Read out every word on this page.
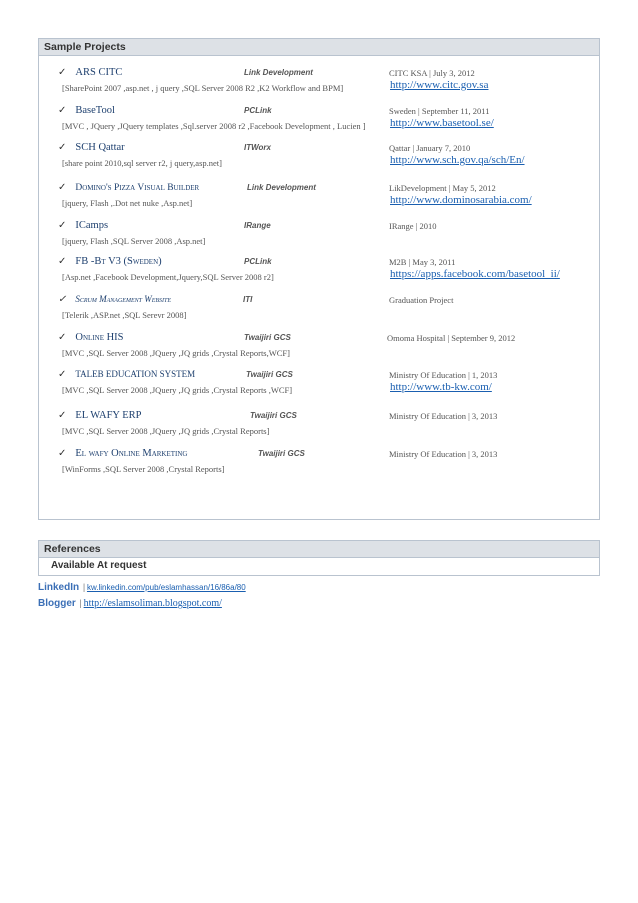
Sample Projects
✓ ARS CITC	Link Development	CITC KSA | July 3, 2012
[SharePoint 2007 ,asp.net , j query ,SQL Server 2008 R2 ,K2 Workflow and BPM]	http://www.citc.gov.sa
✓ BaseTool	PCLink	Sweden | September 11, 2011
[MVC , JQuery ,JQuery templates ,Sql.server 2008 r2 ,Facebook Development , Lucien ] http://www.basetool.se/
✓ SCH Qattar	ITWorx	Qattar | January 7, 2010
[share point 2010,sql server r2, j query,asp.net]	http://www.sch.gov.qa/sch/En/
✓ Domino's Pizza Visual Builder	Link Development	LikDevelopment | May 5, 2012
[jquery, Flash ,.Dot net nuke ,Asp.net]	http://www.dominosarabia.com/
✓ ICamps	IRange	IRange | 2010
[jquery, Flash ,SQL Server 2008 ,Asp.net]
✓ FB -Bt V3 (Sweden)	PCLink	M2B | May 3, 2011
[Asp.net ,Facebook Development,Jquery,SQL Server 2008 r2]	https://apps.facebook.com/basetool_ii/
✓ Scrum Management Website	ITI	Graduation Project
[Telerik ,ASP.net ,SQL Serevr 2008]
✓ Online HIS	Twaijiri GCS	Omoma Hospital | September 9, 2012
[MVC ,SQL Server 2008 ,JQuery ,JQ grids ,Crystal Reports,WCF]
✓ TALEB EDUCATION SYSTEM	Twaijiri GCS	Ministry Of Education | 1, 2013
[MVC ,SQL Server 2008 ,JQuery ,JQ grids ,Crystal Reports ,WCF]	http://www.tb-kw.com/
✓ EL WAFY ERP	Twaijiri GCS	Ministry Of Education | 3, 2013
[MVC ,SQL Server 2008 ,JQuery ,JQ grids ,Crystal Reports]
✓ El wafy Online Marketing	Twaijiri GCS	Ministry Of Education | 3, 2013
[WinForms ,SQL Server 2008 ,Crystal Reports]
References
Available At request
LinkedIn | kw.linkedin.com/pub/eslamhassan/16/86a/80
Blogger | http://eslamsoliman.blogspot.com/
